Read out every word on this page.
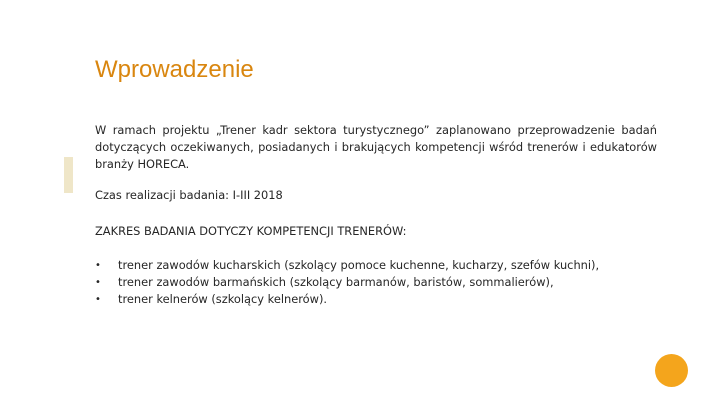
Wprowadzenie

W ramach projektu „Trener kadr sektora turystycznego” zaplanowano przeprowadzenie badań dotyczących oczekiwanych, posiadanych i brakujących kompetencji wśród trenerów i edukatorów branży HORECA.

Czas realizacji badania: I-III 2018

ZAKRES BADANIA DOTYCZY KOMPETENCJI TRENERÓW:

•	trener zawodów kucharskich (szkolący pomoce kuchenne, kucharzy, szefów kuchni),
•	trener zawodów barmańskich (szkolący barmanów, baristów, sommalierów),
•	trener kelnerów (szkolący kelnerów).
